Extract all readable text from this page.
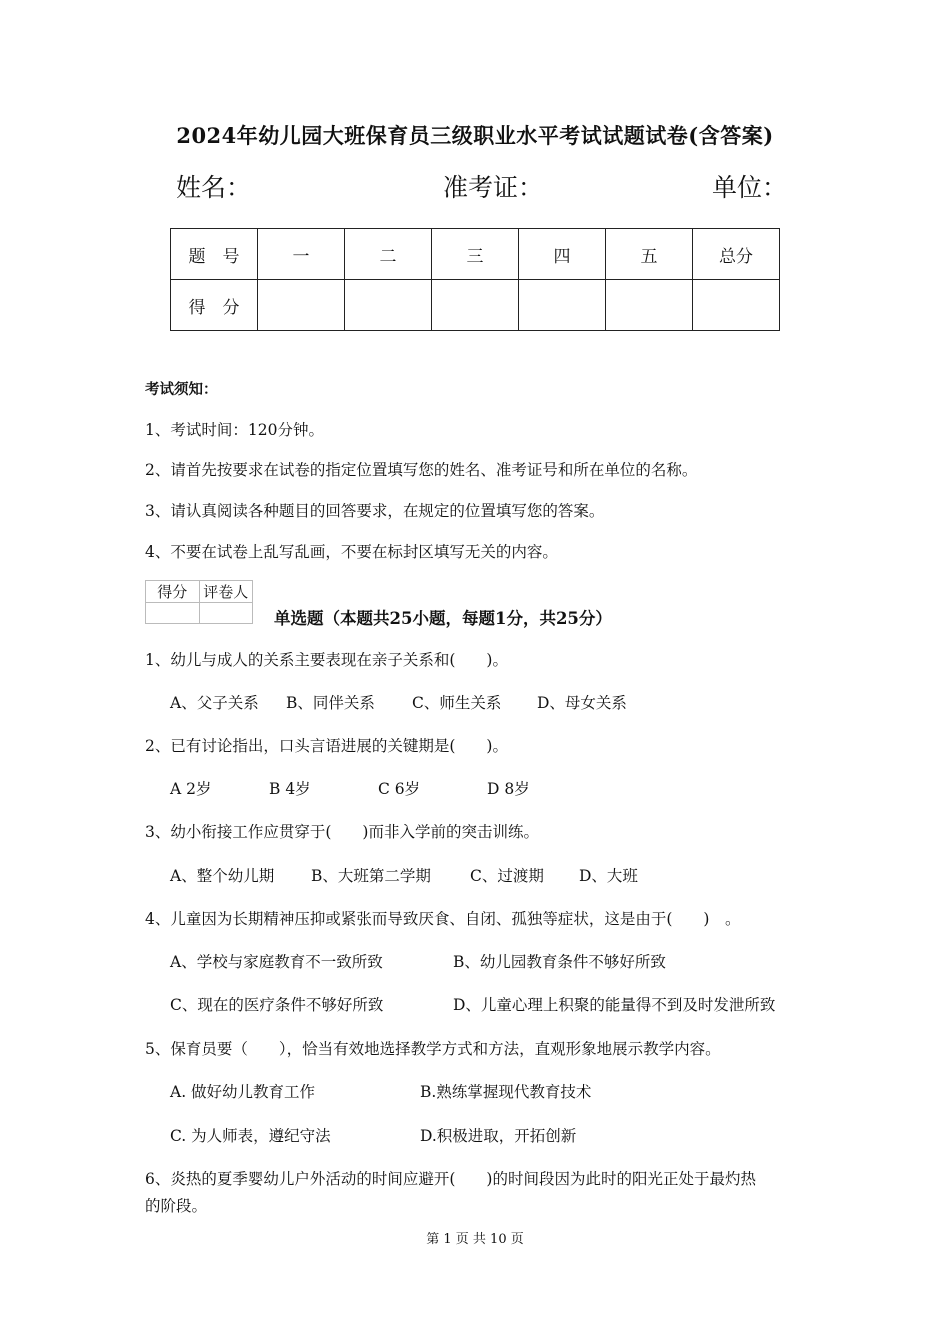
2024年幼儿园大班保育员三级职业水平考试试题试卷(含答案)
姓名：	准考证：	单位：
题　号	一	二	三	四	五	总分
得　分						
考试须知：
1、考试时间：120分钟。
2、请首先按要求在试卷的指定位置填写您的姓名、准考证号和所在单位的名称。
3、请认真阅读各种题目的回答要求，在规定的位置填写您的答案。
4、不要在试卷上乱写乱画，不要在标封区填写无关的内容。
得分	评卷人

单选题（本题共25小题，每题1分，共25分）
1、幼儿与成人的关系主要表现在亲子关系和(　　)。
A、父子关系 B、同伴关系 C、师生关系 D、母女关系
2、已有讨论指出，口头言语进展的关键期是(　　)。
A 2岁	B 4岁	C 6岁	D 8岁
3、幼小衔接工作应贯穿于(　　)而非入学前的突击训练。
A、整个幼儿期 B、大班第二学期	C、过渡期 D、大班
4、儿童因为长期精神压抑或紧张而导致厌食、自闭、孤独等症状，这是由于(　　)　。
A、学校与家庭教育不一致所致	B、幼儿园教育条件不够好所致
C、现在的医疗条件不够好所致	D、儿童心理上积聚的能量得不到及时发泄所致
5、保育员要（　　），恰当有效地选择教学方式和方法，直观形象地展示教学内容。
A. 做好幼儿教育工作	B.熟练掌握现代教育技术
C. 为人师表，遵纪守法	D.积极进取，开拓创新
6、炎热的夏季婴幼儿户外活动的时间应避开(　　)的时间段因为此时的阳光正处于最灼热
的阶段。
第 1 页 共 10 页
